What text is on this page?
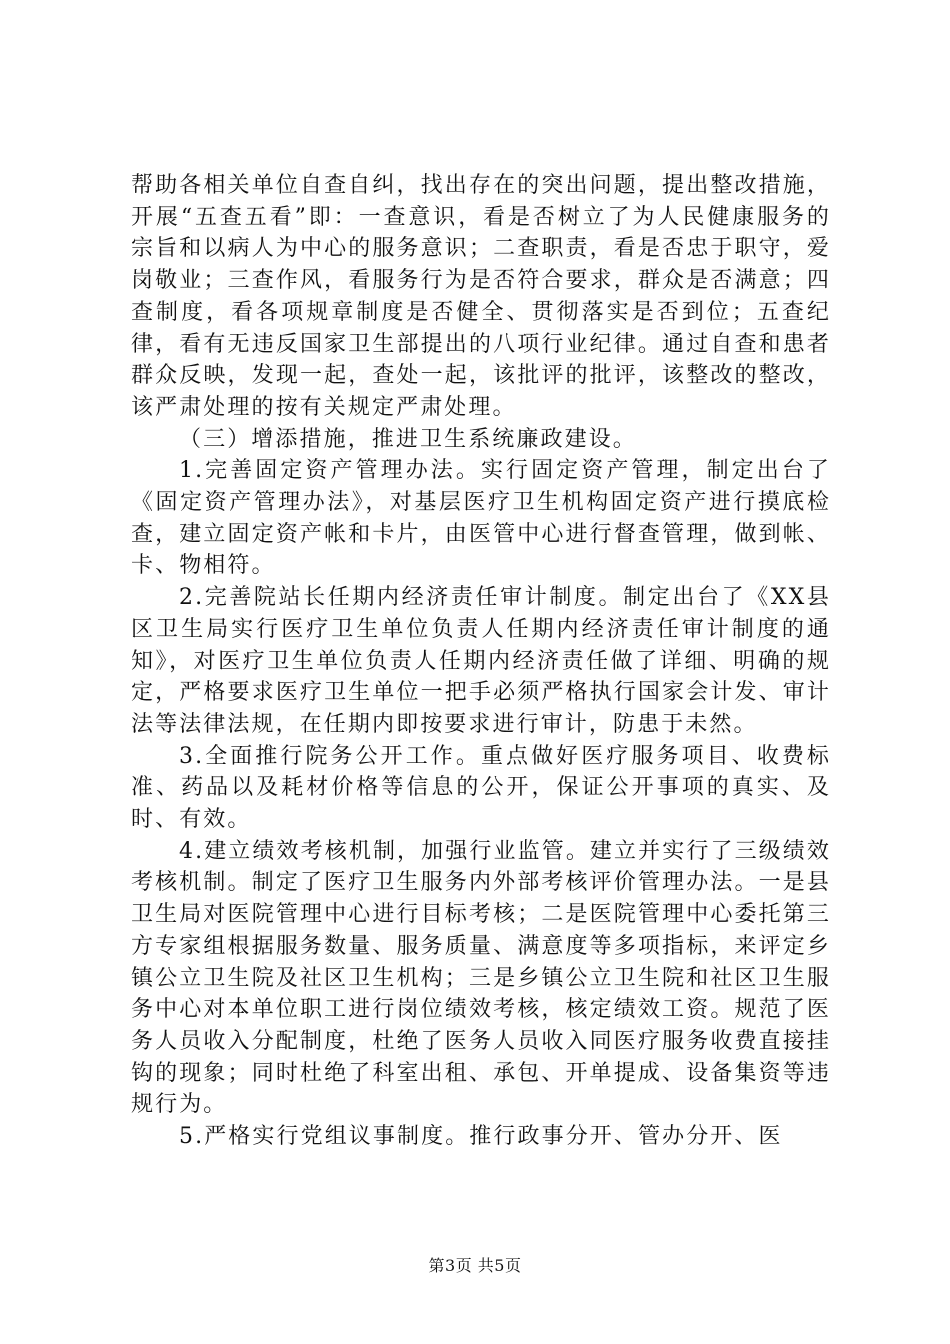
帮助各相关单位自查自纠，找出存在的突出问题，提出整改措施，开展“五查五看”即：一查意识，看是否树立了为人民健康服务的宗旨和以病人为中心的服务意识；二查职责，看是否忠于职守，爱岗敬业；三查作风，看服务行为是否符合要求，群众是否满意；四查制度，看各项规章制度是否健全、贯彻落实是否到位；五查纪律，看有无违反国家卫生部提出的八项行业纪律。通过自查和患者群众反映，发现一起，查处一起，该批评的批评，该整改的整改，该严肃处理的按有关规定严肃处理。

（三）增添措施，推进卫生系统廉政建设。

1.完善固定资产管理办法。实行固定资产管理，制定出台了《固定资产管理办法》，对基层医疗卫生机构固定资产进行摸底检查，建立固定资产帐和卡片，由医管中心进行督查管理，做到帐、卡、物相符。

2.完善院站长任期内经济责任审计制度。制定出台了《XX县区卫生局实行医疗卫生单位负责人任期内经济责任审计制度的通知》，对医疗卫生单位负责人任期内经济责任做了详细、明确的规定，严格要求医疗卫生单位一把手必须严格执行国家会计发、审计法等法律法规，在任期内即按要求进行审计，防患于未然。

3.全面推行院务公开工作。重点做好医疗服务项目、收费标准、药品以及耗材价格等信息的公开，保证公开事项的真实、及时、有效。

4.建立绩效考核机制，加强行业监管。建立并实行了三级绩效考核机制。制定了医疗卫生服务内外部考核评价管理办法。一是县卫生局对医院管理中心进行目标考核；二是医院管理中心委托第三方专家组根据服务数量、服务质量、满意度等多项指标，来评定乡镇公立卫生院及社区卫生机构；三是乡镇公立卫生院和社区卫生服务中心对本单位职工进行岗位绩效考核，核定绩效工资。规范了医务人员收入分配制度，杜绝了医务人员收入同医疗服务收费直接挂钩的现象；同时杜绝了科室出租、承包、开单提成、设备集资等违规行为。

5.严格实行党组议事制度。推行政事分开、管办分开、医

第3页 共5页
